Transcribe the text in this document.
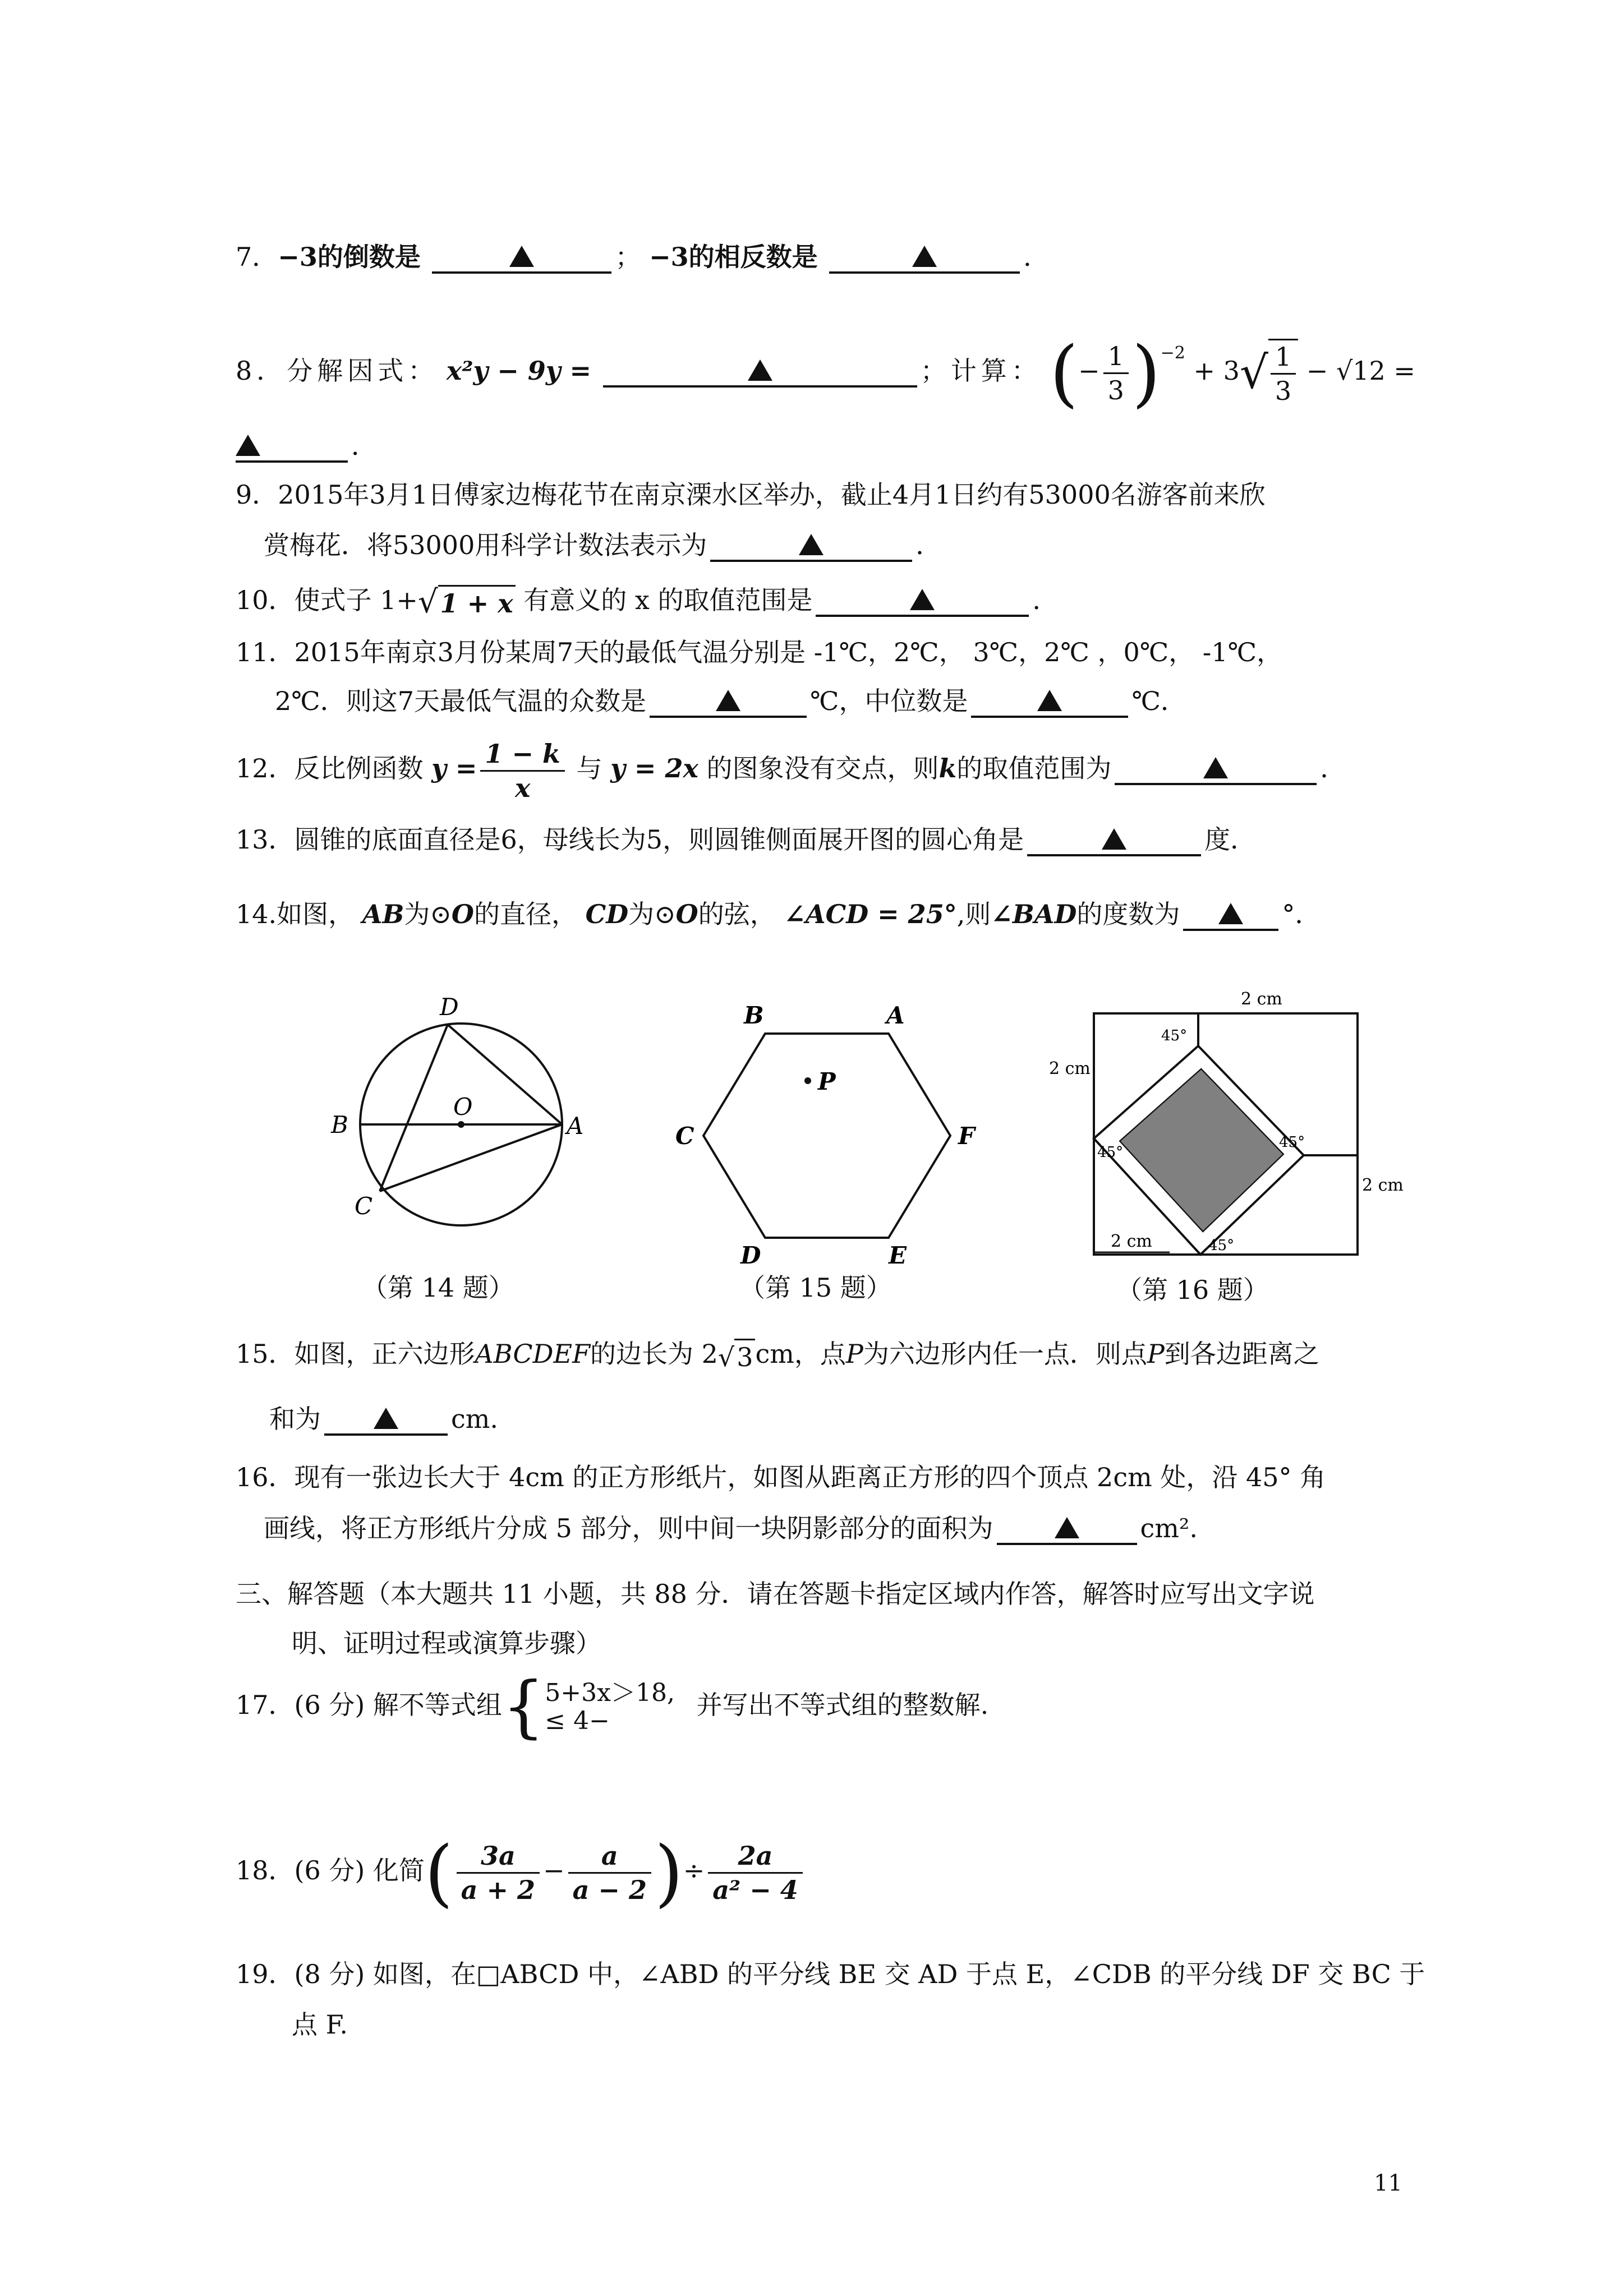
7．−3的倒数是	； −3的相反数是	．
8．分解因式： x²y − 9y =	；计算： (− $\frac{1}{3} )^{-2} + 3√ \frac{1}{3} - √12$ =
．
9．2015年3月1日傅家边梅花节在南京溧水区举办，截止4月1日约有53000名游客前来欣
赏梅花．将53000用科学计数法表示为	．
10．使式子 1+√1 + x 有意义的 x 的取值范围是	．
11．2015年南京3月份某周7天的最低气温分别是 -1℃，2℃， 3℃，2℃ ，0℃， -1℃，
2℃．则这7天最低气温的众数是	℃，中位数是	℃．
12．反比例函数 $y = \frac{1 - k}{x}$ 与 y = 2x 的图象没有交点，则k的取值范围为	．
13．圆锥的底面直径是6，母线长为5，则圆锥侧面展开图的圆心角是	度．
14.如图， AB为⊙O的直径， CD为⊙O的弦， ∠ACD = 25°,则∠BAD的度数为	°．
D
B
O
A
C
（第 14 题）
B	A
P
C	F
D	E
（第 15 题）
2 cm
45°
2 cm
45°
45°
2 cm
45°
2 cm
（第 16 题）
15．如图，正六边形ABCDEF的边长为 2√3cm，点P为六边形内任一点．则点P到各边距离之
和为	cm.
16．现有一张边长大于 4cm 的正方形纸片，如图从距离正方形的四个顶点 2cm 处，沿 45° 角
画线，将正方形纸片分成 5 部分，则中间一块阴影部分的面积为	cm².
三、解答题（本大题共 11 小题，共 88 分．请在答题卡指定区域内作答，解答时应写出文字说
明、证明过程或演算步骤）
17．(6 分) 解不等式组{ 5+3x＞18,
≤ 4−
并写出不等式组的整数解.
18．(6 分) 化简( $\frac{3a}{a + 2} - \frac{a}{a - 2}$ )÷ $\frac{2a}{\text{a² − 4}}$
19．(8 分) 如图，在□ABCD 中，∠ABD 的平分线 BE 交 AD 于点 E，∠CDB 的平分线 DF 交 BC 于
点 F.
11
